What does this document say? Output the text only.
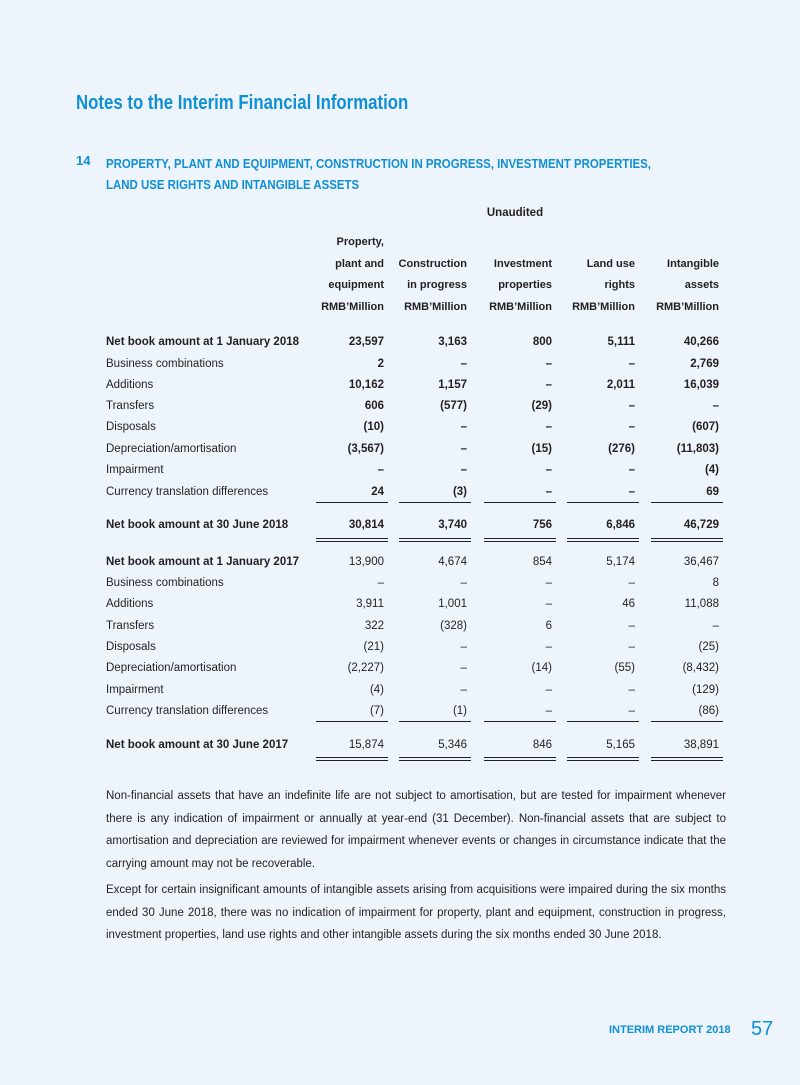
Notes to the Interim Financial Information
14 PROPERTY, PLANT AND EQUIPMENT, CONSTRUCTION IN PROGRESS, INVESTMENT PROPERTIES, LAND USE RIGHTS AND INTANGIBLE ASSETS
Unaudited
Property,
plant and
equipment
RMB’Million
Construction
in progress
RMB’Million
Investment
properties
RMB’Million
Land use
rights
RMB’Million
Intangible
assets
RMB’Million
Net book amount at 1 January 2018	23,597	3,163	800	5,111	40,266
Business combinations	2	–	–	–	2,769
Additions	10,162	1,157	–	2,011	16,039
Transfers	606	(577)	(29)	–	–
Disposals	(10)	–	–	–	(607)
Depreciation/amortisation	(3,567)	–	(15)	(276)	(11,803)
Impairment	–	–	–	–	(4)
Currency translation differences	24	(3)	–	–	69
Net book amount at 30 June 2018	30,814	3,740	756	6,846	46,729
Net book amount at 1 January 2017	13,900	4,674	854	5,174	36,467
Business combinations	–	–	–	–	8
Additions	3,911	1,001	–	46	11,088
Transfers	322	(328)	6	–	–
Disposals	(21)	–	–	–	(25)
Depreciation/amortisation	(2,227)	–	(14)	(55)	(8,432)
Impairment	(4)	–	–	–	(129)
Currency translation differences	(7)	(1)	–	–	(86)
Net book amount at 30 June 2017	15,874	5,346	846	5,165	38,891
Non-financial assets that have an indefinite life are not subject to amortisation, but are tested for impairment whenever there is any indication of impairment or annually at year-end (31 December). Non-financial assets that are subject to amortisation and depreciation are reviewed for impairment whenever events or changes in circumstance indicate that the carrying amount may not be recoverable.
Except for certain insignificant amounts of intangible assets arising from acquisitions were impaired during the six months ended 30 June 2018, there was no indication of impairment for property, plant and equipment, construction in progress, investment properties, land use rights and other intangible assets during the six months ended 30 June 2018.
INTERIM REPORT 2018 57
